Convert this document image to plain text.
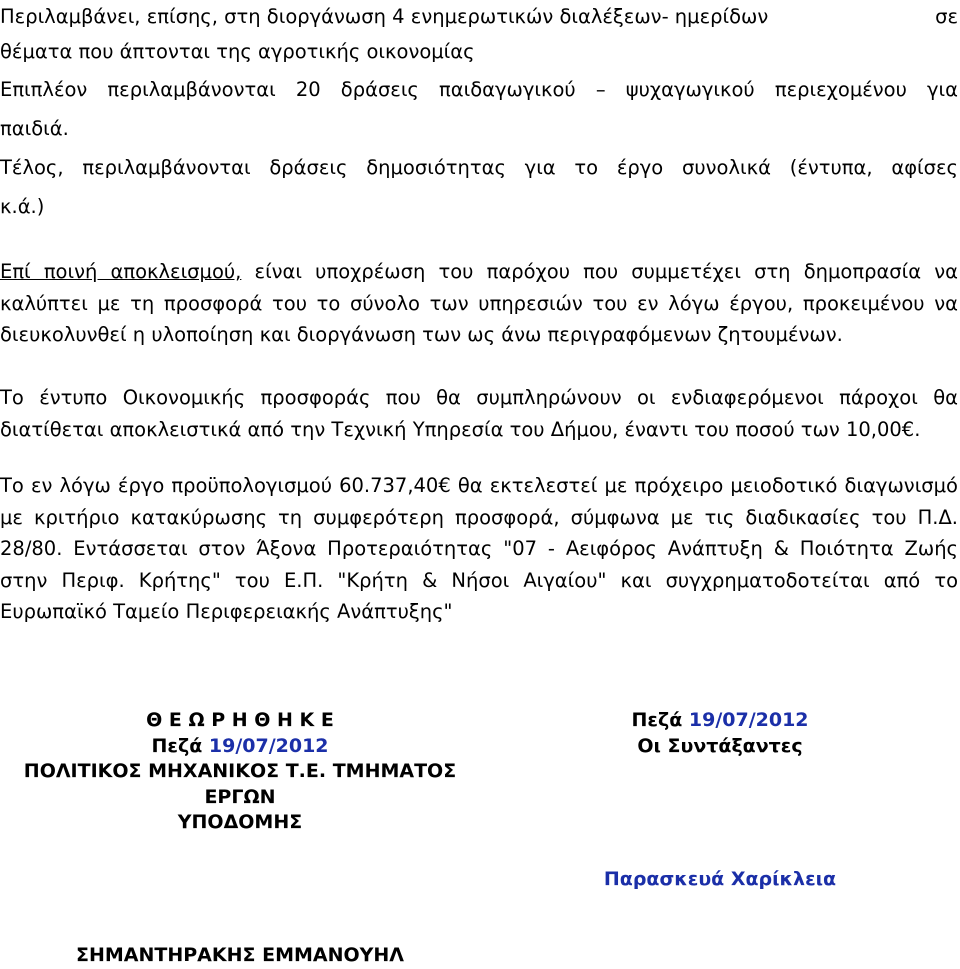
Περιλαμβάνει, επίσης, στη διοργάνωση 4 ενημερωτικών διαλέξεων- ημερίδων	σε
θέματα που άπτονται της αγροτικής οικονομίας
Επιπλέον περιλαμβάνονται 20 δράσεις παιδαγωγικού – ψυχαγωγικού περιεχομένου για
παιδιά.
Τέλος, περιλαμβάνονται δράσεις δημοσιότητας για το έργο συνολικά (έντυπα, αφίσες
κ.ά.)

Επί ποινή αποκλεισμού, είναι υποχρέωση του παρόχου που συμμετέχει στη δημοπρασία να καλύπτει με τη προσφορά του το σύνολο των υπηρεσιών του εν λόγω έργου, προκειμένου να διευκολυνθεί η υλοποίηση και διοργάνωση των ως άνω περιγραφόμενων ζητουμένων.

Το έντυπο Οικονομικής προσφοράς που θα συμπληρώνουν οι ενδιαφερόμενοι πάροχοι θα διατίθεται αποκλειστικά από την Τεχνική Υπηρεσία του Δήμου, έναντι του ποσού των 10,00€.

Το εν λόγω έργο προϋπολογισμού 60.737,40€ θα εκτελεστεί με πρόχειρο μειοδοτικό διαγωνισμό με κριτήριο κατακύρωσης τη συμφερότερη προσφορά, σύμφωνα με τις διαδικασίες του Π.Δ. 28/80. Εντάσσεται στον Άξονα Προτεραιότητας "07 - Αειφόρος Ανάπτυξη & Ποιότητα Ζωής στην Περιφ. Κρήτης" του Ε.Π. "Κρήτη & Νήσοι Αιγαίου" και συγχρηματοδοτείται από το Ευρωπαϊκό Ταμείο Περιφερειακής Ανάπτυξης"

Θ Ε Ω Ρ Η Θ Η Κ Ε
Πεζά 19/07/2012
ΠΟΛΙΤΙΚΟΣ ΜΗΧΑΝΙΚΟΣ Τ.Ε. ΤΜΗΜΑΤΟΣ
ΕΡΓΩΝ
ΥΠΟΔΟΜΗΣ
ΣΗΜΑΝΤΗΡΑΚΗΣ ΕΜΜΑΝΟΥΗΛ
Πεζά 19/07/2012
Οι Συντάξαντες
Παρασκευά Χαρίκλεια
